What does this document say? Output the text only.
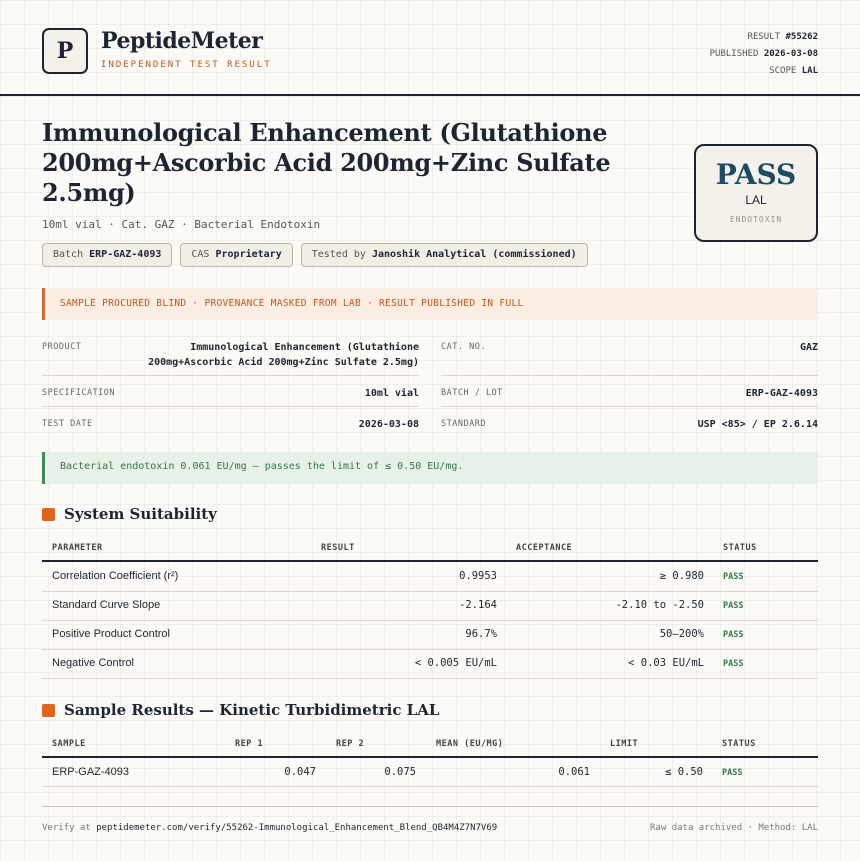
P	PeptideMeter
INDEPENDENT TEST RESULT
RESULT #55262
PUBLISHED 2026-03-08
SCOPE LAL
Immunological Enhancement (Glutathione 200mg+Ascorbic Acid 200mg+Zinc Sulfate 2.5mg)
10ml vial · Cat. GAZ · Bacterial Endotoxin
Batch ERP-GAZ-4093	CAS Proprietary	Tested by Janoshik Analytical (commissioned)
PASS
LAL
ENDOTOXIN
SAMPLE PROCURED BLIND · PROVENANCE MASKED FROM LAB · RESULT PUBLISHED IN FULL
PRODUCT	Immunological Enhancement (Glutathione 200mg+Ascorbic Acid 200mg+Zinc Sulfate 2.5mg)
CAT. NO.	GAZ
SPECIFICATION	10ml vial	BATCH / LOT	ERP-GAZ-4093
TEST DATE	2026-03-08	STANDARD	USP <85> / EP 2.6.14
Bacterial endotoxin 0.061 EU/mg — passes the limit of ≤ 0.50 EU/mg.
System Suitability
PARAMETER	RESULT	ACCEPTANCE	STATUS
Correlation Coefficient (r²)	0.9953	≥ 0.980 PASS
Standard Curve Slope	-2.164	-2.10 to -2.50 PASS
Positive Product Control	96.7%	50–200% PASS
Negative Control	< 0.005 EU/mL	< 0.03 EU/mL PASS
Sample Results — Kinetic Turbidimetric LAL
SAMPLE	REP 1	REP 2	MEAN (EU/MG)	LIMIT	STATUS
ERP-GAZ-4093	0.047	0.075	0.061	≤ 0.50 PASS
Verify at peptidemeter.com/verify/55262-Immunological_Enhancement_Blend_QB4M4Z7N7V69	Raw data archived · Method: LAL
